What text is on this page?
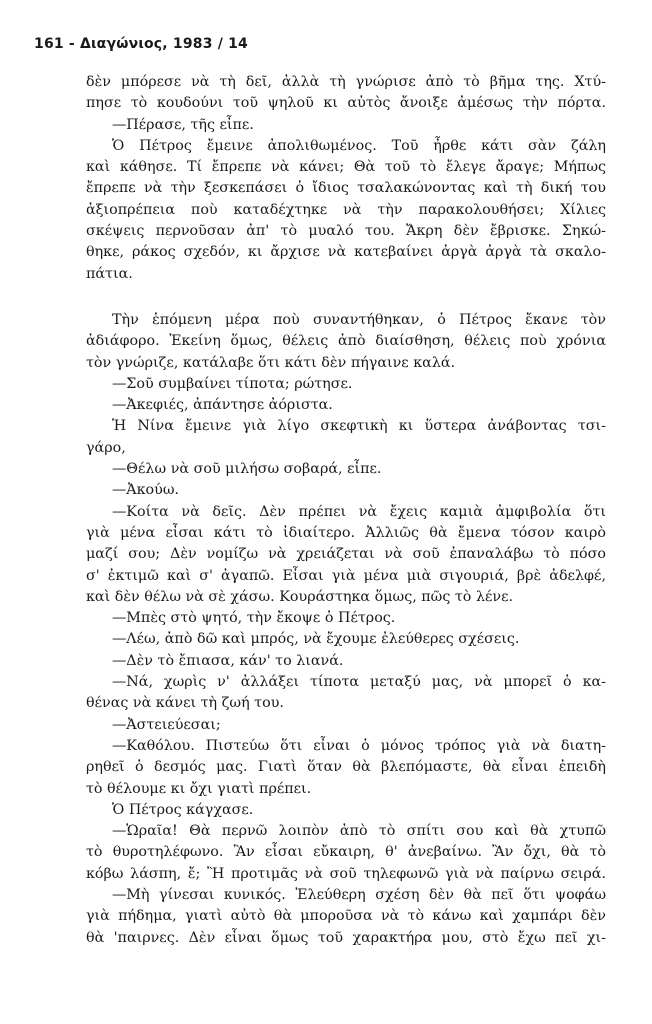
161 - Διαγώνιος, 1983 / 14
δὲν μπόρεσε νὰ τὴ δεῖ, ἀλλὰ τὴ γνώρισε ἀπὸ τὸ βῆμα της. Χτύ-
πησε τὸ κουδούνι τοῦ ψηλοῦ κι αὐτὸς ἄνοιξε ἀμέσως τὴν πόρτα.
—Πέρασε, τῆς εἶπε.
Ὁ Πέτρος ἔμεινε ἀπολιθωμένος. Τοῦ ἦρθε κάτι σὰν ζάλη
καὶ κάθησε. Τί ἔπρεπε νὰ κάνει; Θὰ τοῦ τὸ ἔλεγε ἄραγε; Μήπως
ἔπρεπε νὰ τὴν ξεσκεπάσει ὁ ἴδιος τσαλακώνοντας καὶ τὴ δική του
ἀξιοπρέπεια ποὺ καταδέχτηκε νὰ τὴν παρακολουθήσει; Χίλιες
σκέψεις περνοῦσαν ἀπ' τὸ μυαλό του. Ἄκρη δὲν ἔβρισκε. Σηκώ-
θηκε, ράκος σχεδόν, κι ἄρχισε νὰ κατεβαίνει ἀργὰ ἀργὰ τὰ σκαλο-
πάτια.
Τὴν ἑπόμενη μέρα ποὺ συναντήθηκαν, ὁ Πέτρος ἔκανε τὸν
ἀδιάφορο. Ἐκείνη ὅμως, θέλεις ἀπὸ διαίσθηση, θέλεις ποὺ χρόνια
τὸν γνώριζε, κατάλαβε ὅτι κάτι δὲν πήγαινε καλά.
—Σοῦ συμβαίνει τίποτα; ρώτησε.
—Ἀκεφιές, ἀπάντησε ἀόριστα.
Ἡ Νίνα ἔμεινε γιὰ λίγο σκεφτικὴ κι ὕστερα ἀνάβοντας τσι-
γάρο,
—Θέλω νὰ σοῦ μιλήσω σοβαρά, εἶπε.
—Ἀκούω.
—Κοίτα νὰ δεῖς. Δὲν πρέπει νὰ ἔχεις καμιὰ ἀμφιβολία ὅτι
γιὰ μένα εἶσαι κάτι τὸ ἰδιαίτερο. Ἀλλιῶς θὰ ἔμενα τόσον καιρὸ
μαζί σου; Δὲν νομίζω νὰ χρειάζεται νὰ σοῦ ἐπαναλάβω τὸ πόσο
σ' ἐκτιμῶ καὶ σ' ἀγαπῶ. Εἶσαι γιὰ μένα μιὰ σιγουριά, βρὲ ἀδελφέ,
καὶ δὲν θέλω νὰ σὲ χάσω. Κουράστηκα ὅμως, πῶς τὸ λένε.
—Μπὲς στὸ ψητό, τὴν ἔκοψε ὁ Πέτρος.
—Λέω, ἀπὸ δῶ καὶ μπρός, νὰ ἔχουμε ἐλεύθερες σχέσεις.
—Δὲν τὸ ἔπιασα, κάν' το λιανά.
—Νά, χωρὶς ν' ἀλλάξει τίποτα μεταξύ μας, νὰ μπορεῖ ὁ κα-
θένας νὰ κάνει τὴ ζωή του.
—Ἀστειεύεσαι;
—Καθόλου. Πιστεύω ὅτι εἶναι ὁ μόνος τρόπος γιὰ νὰ διατη-
ρηθεῖ ὁ δεσμός μας. Γιατὶ ὅταν θὰ βλεπόμαστε, θὰ εἶναι ἐπειδὴ
τὸ θέλουμε κι ὄχι γιατὶ πρέπει.
Ὁ Πέτρος κάγχασε.
—Ὡραῖα! Θὰ περνῶ λοιπὸν ἀπὸ τὸ σπίτι σου καὶ θὰ χτυπῶ
τὸ θυροτηλέφωνο. Ἂν εἶσαι εὔκαιρη, θ' ἀνεβαίνω. Ἂν ὄχι, θὰ τὸ
κόβω λάσπη, ἔ; Ἢ προτιμᾶς νὰ σοῦ τηλεφωνῶ γιὰ νὰ παίρνω σειρά.
—Μὴ γίνεσαι κυνικός. Ἐλεύθερη σχέση δὲν θὰ πεῖ ὅτι ψοφάω
γιὰ πήδημα, γιατὶ αὐτὸ θὰ μποροῦσα νὰ τὸ κάνω καὶ χαμπάρι δὲν
θὰ 'παιρνες. Δὲν εἶναι ὅμως τοῦ χαρακτήρα μου, στὸ ἔχω πεῖ χι-
